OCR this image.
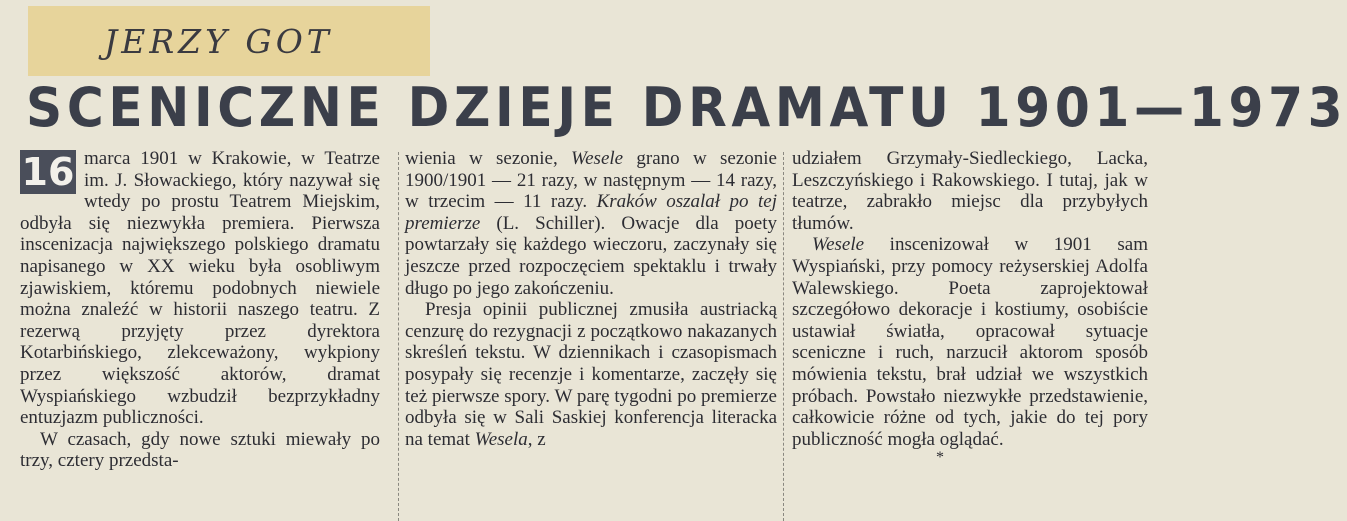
JERZY GOT
SCENICZNE DZIEJE DRAMATU 1901—1973

16 marca 1901 w Krakowie, w Teatrze im. J. Słowackiego, który nazywał się wtedy po prostu Teatrem Miejskim, odbyła się niezwykła premiera. Pierwsza inscenizacja największego polskiego dramatu napisanego w XX wieku była osobliwym zjawiskiem, któremu podobnych niewiele można znaleźć w historii naszego teatru. Z rezerwą przyjęty przez dyrektora Kotarbińskiego, zlekceważony, wykpiony przez większość aktorów, dramat Wyspiańskiego wzbudził bezprzykładny entuzjazm publiczności.

W czasach, gdy nowe sztuki miewały po trzy, cztery przedsta-

wienia w sezonie, Wesele grano w sezonie 1900/1901 — 21 razy, w następnym — 14 razy, w trzecim — 11 razy. Kraków oszalał po tej premierze (L. Schiller). Owacje dla poety powtarzały się każdego wieczoru, zaczynały się jeszcze przed rozpoczęciem spektaklu i trwały długo po jego zakończeniu.

Presja opinii publicznej zmusiła austriacką cenzurę do rezygnacji z początkowo nakazanych skreśleń tekstu. W dziennikach i czasopismach posypały się recenzje i komentarze, zaczęły się też pierwsze spory. W parę tygodni po premierze odbyła się w Sali Saskiej konferencja literacka na temat Wesela, z

udziałem Grzymały-Siedleckiego, Lacka, Leszczyńskiego i Rakowskiego. I tutaj, jak w teatrze, zabrakło miejsc dla przybyłych tłumów.

Wesele inscenizował w 1901 sam Wyspiański, przy pomocy reżyserskiej Adolfa Walewskiego. Poeta zaprojektował szczegółowo dekoracje i kostiumy, osobiście ustawiał światła, opracował sytuacje sceniczne i ruch, narzucił aktorom sposób mówienia tekstu, brał udział we wszystkich próbach. Powstało niezwykłe przedstawienie, całkowicie różne od tych, jakie do tej pory publiczność mogła oglądać.

*
